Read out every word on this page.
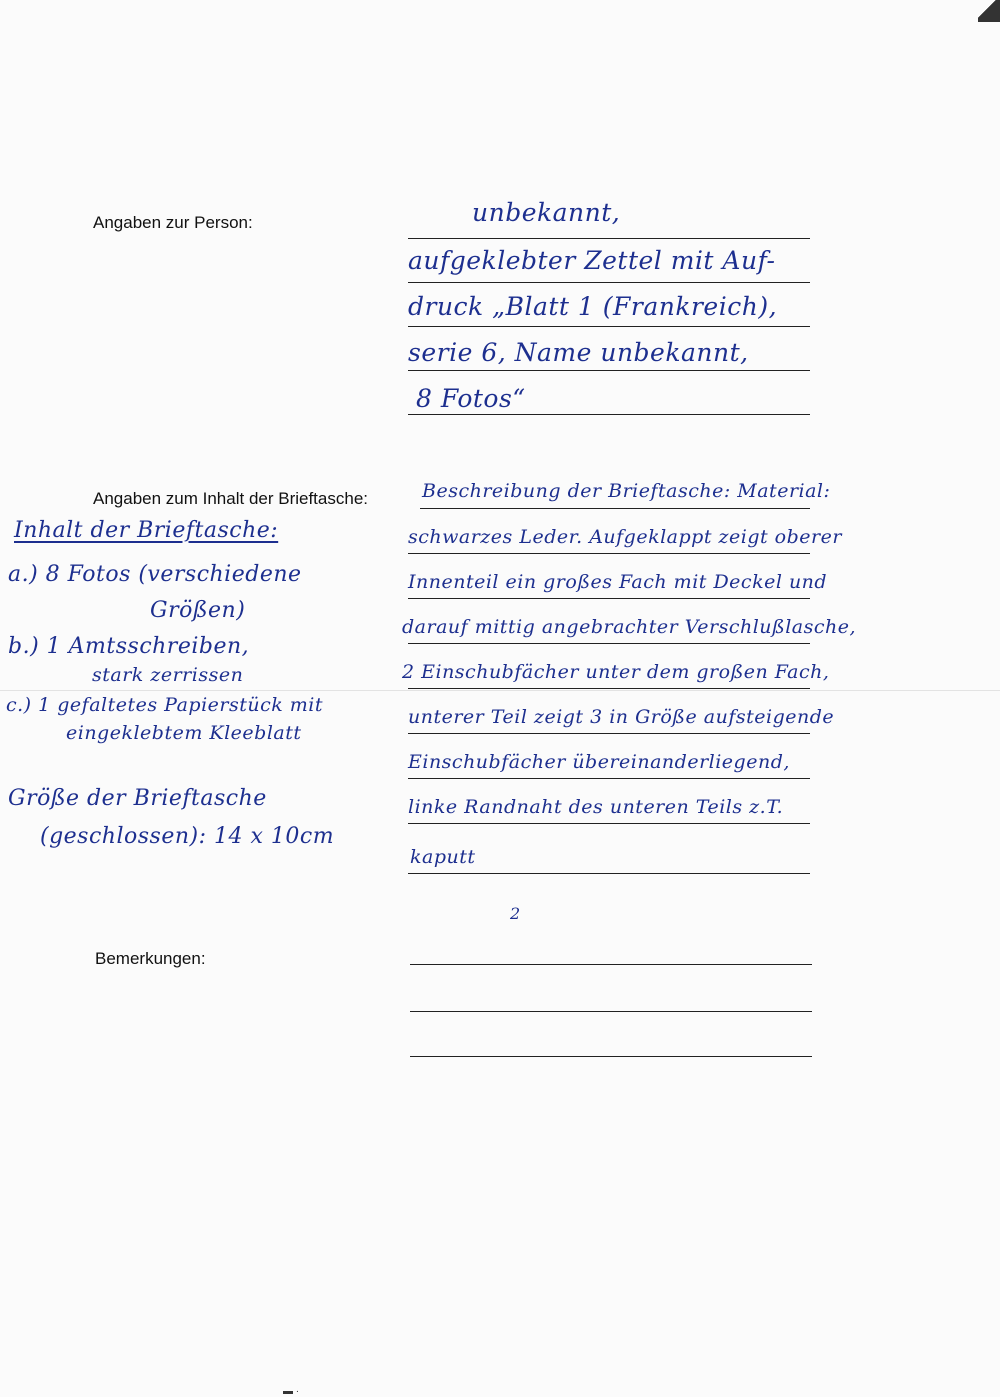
Angaben zur Person:	unbekannt,
aufgeklebter Zettel mit Auf-
druck „Blatt 1 (Frankreich),
serie 6, Name unbekannt,
8 Fotos“
Angaben zum Inhalt der Brieftasche:	Beschreibung der Brieftasche: Material:
schwarzes Leder. Aufgeklappt zeigt oberer
Innenteil ein großes Fach mit Deckel und
darauf mittig angebrachter Verschlußlasche,
2 Einschubfächer unter dem großen Fach,
unterer Teil zeigt 3 in Größe aufsteigende
Einschubfächer übereinanderliegend,
linke Randnaht des unteren Teils z.T.
kaputt
Inhalt der Brieftasche:
a.) 8 Fotos (verschiedene
Größen)
b.) 1 Amtsschreiben,
stark zerrissen
c.) 1 gefaltetes Papierstück mit
eingeklebtem Kleeblatt
Größe der Brieftasche
(geschlossen): 14 x 10cm
2
Bemerkungen:
▬ ·
